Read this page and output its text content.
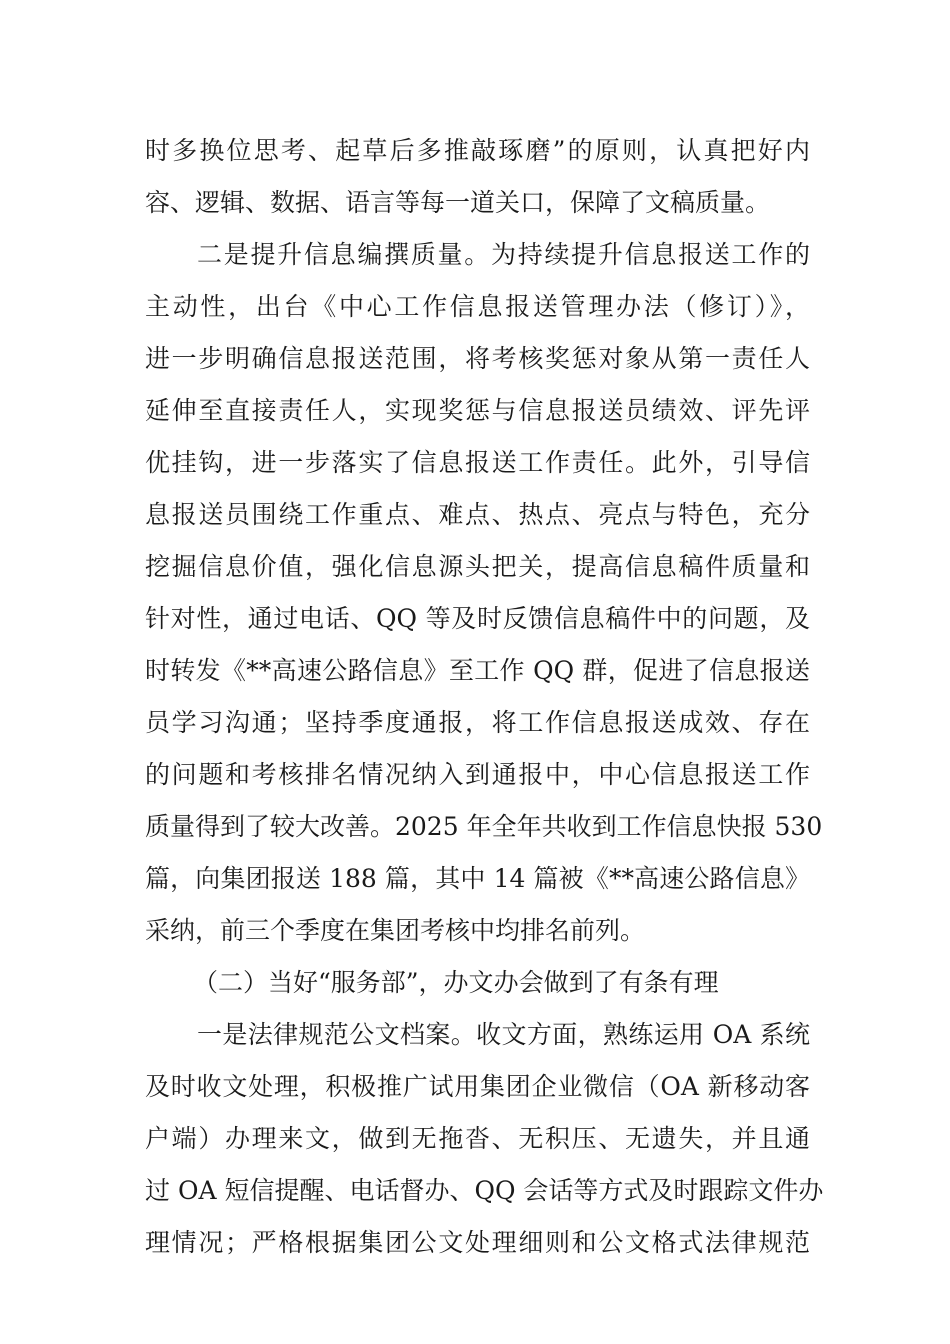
时多换位思考、起草后多推敲琢磨”的原则，认真把好内
容、逻辑、数据、语言等每一道关口，保障了文稿质量。
二是提升信息编撰质量。为持续提升信息报送工作的
主动性，出台《中心工作信息报送管理办法（修订）》，
进一步明确信息报送范围，将考核奖惩对象从第一责任人
延伸至直接责任人，实现奖惩与信息报送员绩效、评先评
优挂钩，进一步落实了信息报送工作责任。此外，引导信
息报送员围绕工作重点、难点、热点、亮点与特色，充分
挖掘信息价值，强化信息源头把关，提高信息稿件质量和
针对性，通过电话、QQ 等及时反馈信息稿件中的问题，及
时转发《**高速公路信息》至工作 QQ 群，促进了信息报送
员学习沟通；坚持季度通报，将工作信息报送成效、存在
的问题和考核排名情况纳入到通报中，中心信息报送工作
质量得到了较大改善。2025 年全年共收到工作信息快报 530
篇，向集团报送 188 篇，其中 14 篇被《**高速公路信息》
采纳，前三个季度在集团考核中均排名前列。
（二）当好“服务部”，办文办会做到了有条有理
一是法律规范公文档案。收文方面，熟练运用 OA 系统
及时收文处理，积极推广试用集团企业微信（OA 新移动客
户端）办理来文，做到无拖沓、无积压、无遗失，并且通
过 OA 短信提醒、电话督办、QQ 会话等方式及时跟踪文件办
理情况；严格根据集团公文处理细则和公文格式法律规范
